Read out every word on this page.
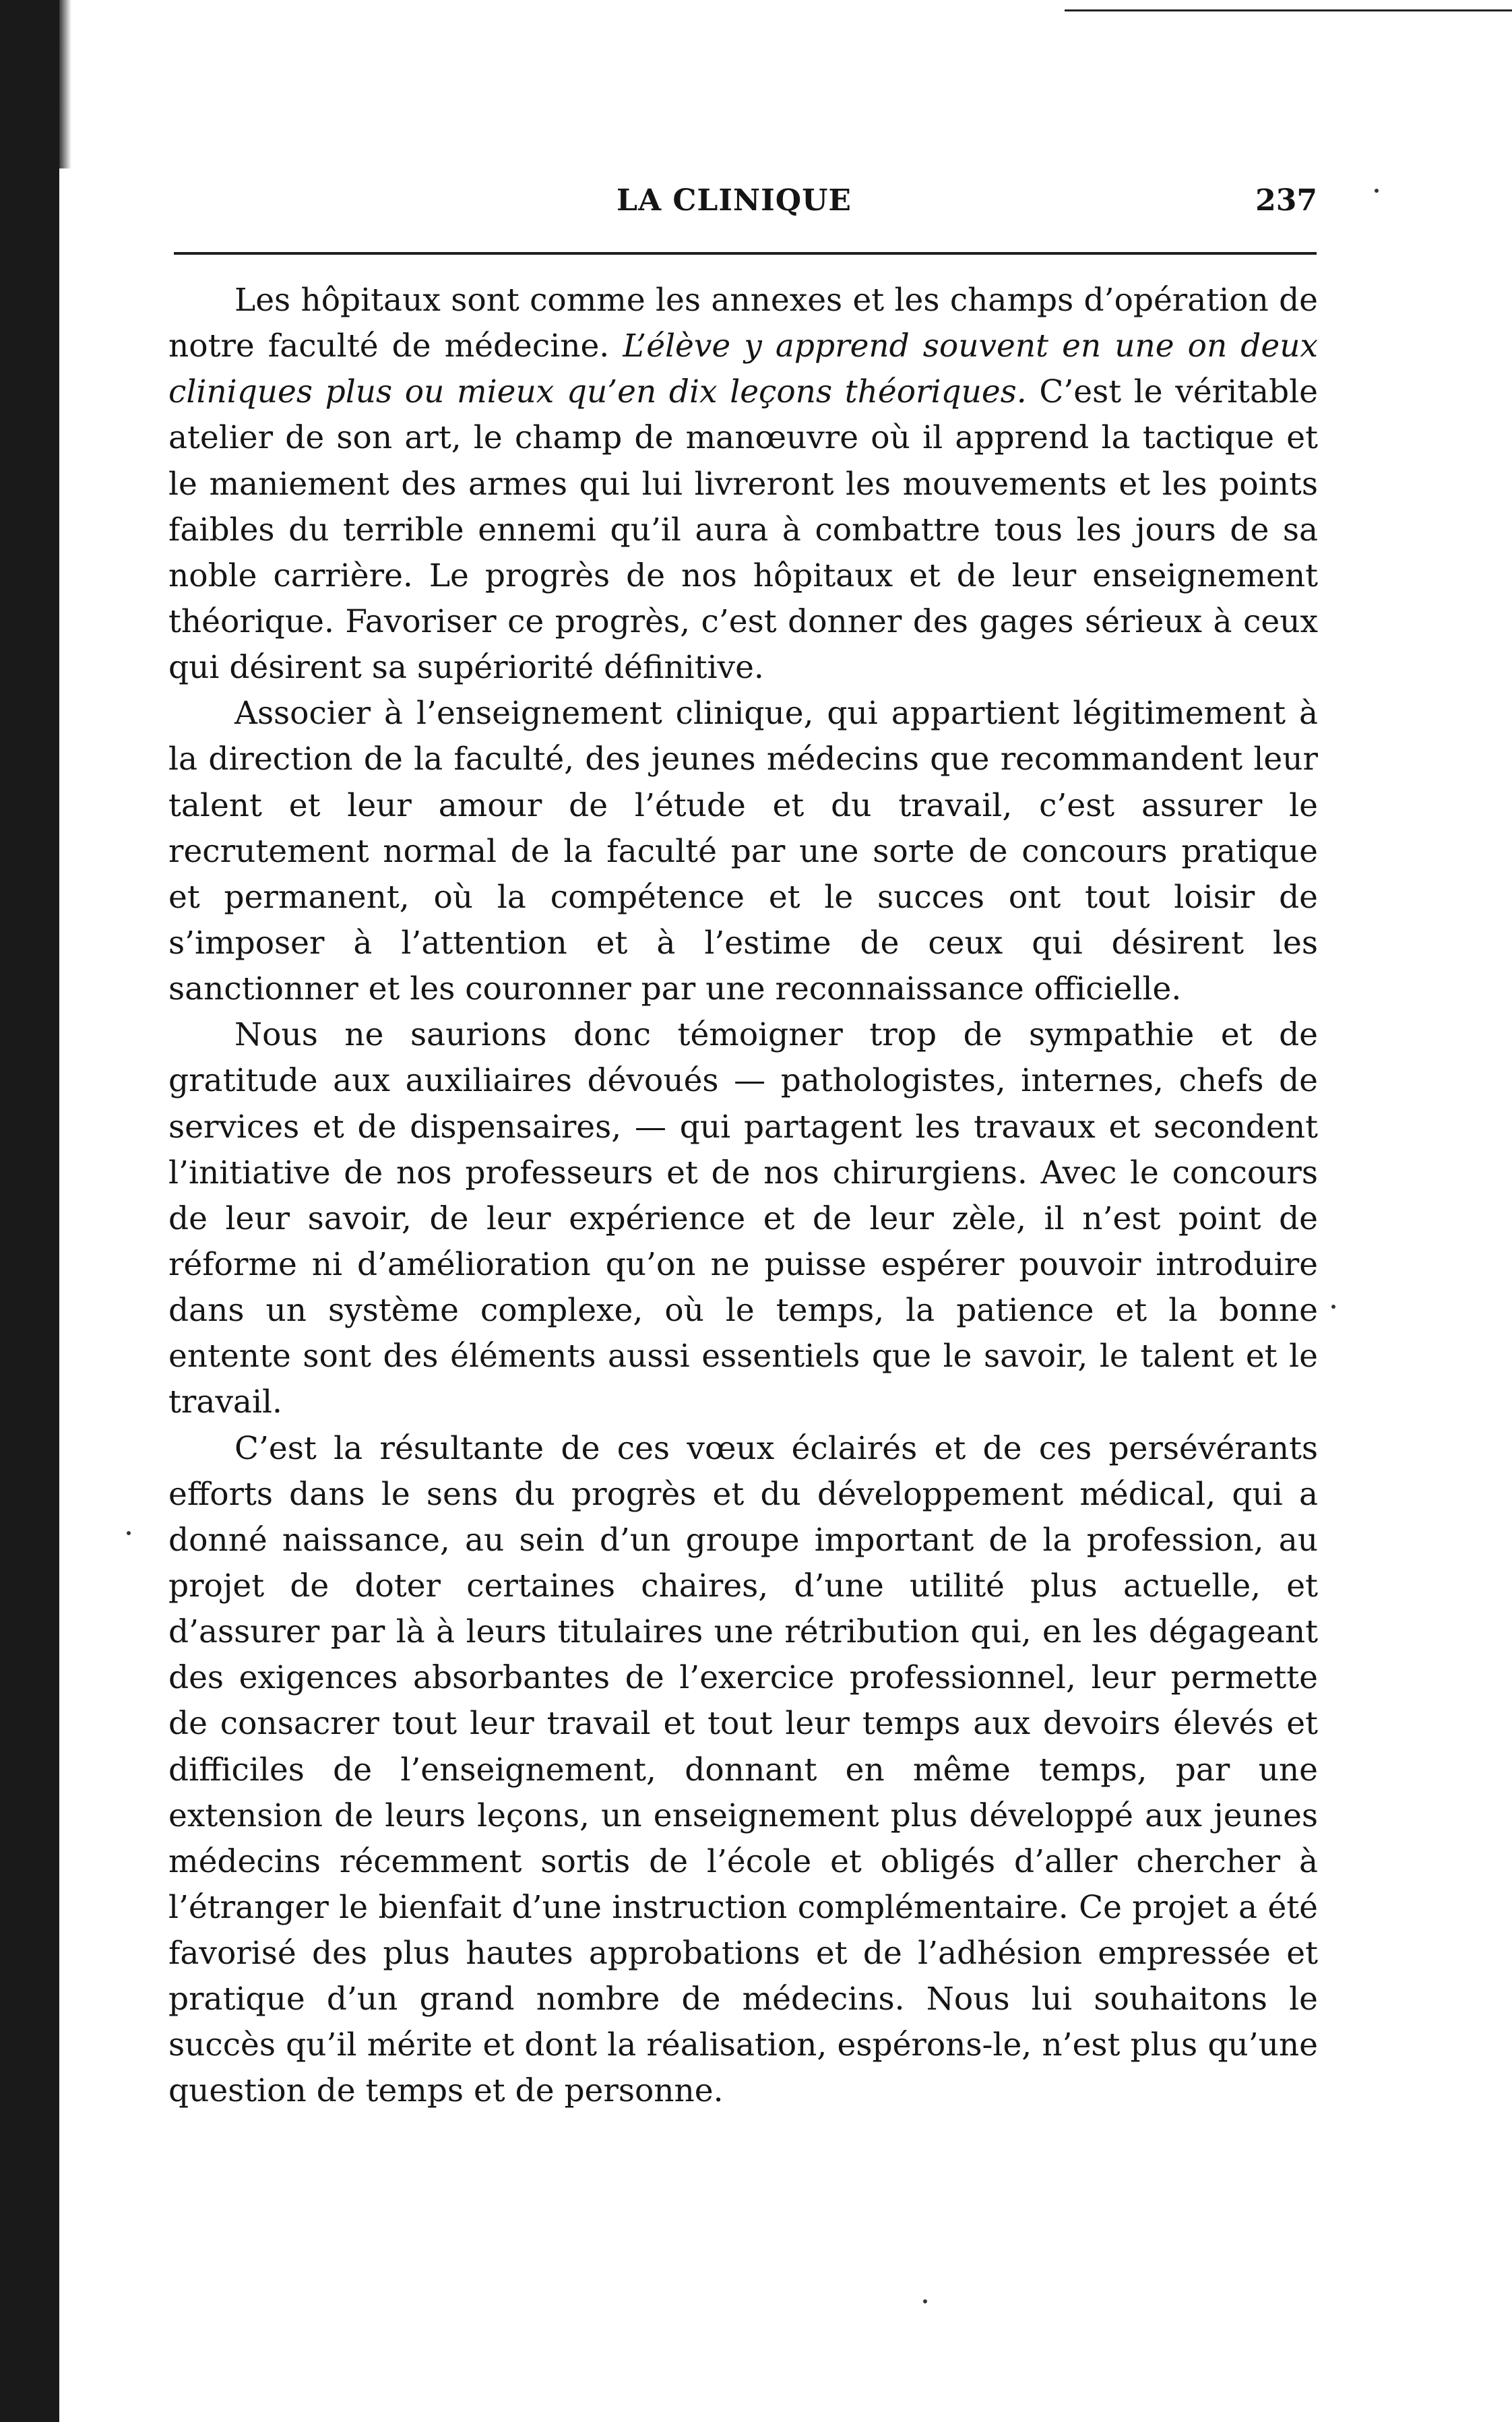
LA CLINIQUE	237

Les hôpitaux sont comme les annexes et les champs d’opération de notre faculté de médecine. L’élève y apprend souvent en une on deux cliniques plus ou mieux qu’en dix leçons théoriques. C’est le véritable atelier de son art, le champ de manœuvre où il apprend la tactique et le maniement des armes qui lui livreront les mouvements et les points faibles du terrible ennemi qu’il aura à combattre tous les jours de sa noble carrière. Le progrès de nos hôpitaux et de leur enseignement théorique. Favoriser ce progrès, c’est donner des gages sérieux à ceux qui désirent sa supériorité définitive.

Associer à l’enseignement clinique, qui appartient légitimement à la direction de la faculté, des jeunes médecins que recommandent leur talent et leur amour de l’étude et du travail, c’est assurer le recrutement normal de la faculté par une sorte de concours pratique et permanent, où la compétence et le succes ont tout loisir de s’imposer à l’attention et à l’estime de ceux qui désirent les sanctionner et les couronner par une reconnaissance officielle.

Nous ne saurions donc témoigner trop de sympathie et de gratitude aux auxiliaires dévoués — pathologistes, internes, chefs de services et de dispensaires, — qui partagent les travaux et secondent l’initiative de nos professeurs et de nos chirurgiens. Avec le concours de leur savoir, de leur expérience et de leur zèle, il n’est point de réforme ni d’amélioration qu’on ne puisse espérer pouvoir introduire dans un système complexe, où le temps, la patience et la bonne entente sont des éléments aussi essentiels que le savoir, le talent et le travail.

C’est la résultante de ces vœux éclairés et de ces persévérants efforts dans le sens du progrès et du développement médical, qui a donné naissance, au sein d’un groupe important de la profession, au projet de doter certaines chaires, d’une utilité plus actuelle, et d’assurer par là à leurs titulaires une rétribution qui, en les dégageant des exigences absorbantes de l’exercice professionnel, leur permette de consacrer tout leur travail et tout leur temps aux devoirs élevés et difficiles de l’enseignement, donnant en même temps, par une extension de leurs leçons, un enseignement plus développé aux jeunes médecins récemment sortis de l’école et obligés d’aller chercher à l’étranger le bienfait d’une instruction complémentaire. Ce projet a été favorisé des plus hautes approbations et de l’adhésion empressée et pratique d’un grand nombre de médecins. Nous lui souhaitons le succès qu’il mérite et dont la réalisation, espérons-le, n’est plus qu’une question de temps et de personne.
